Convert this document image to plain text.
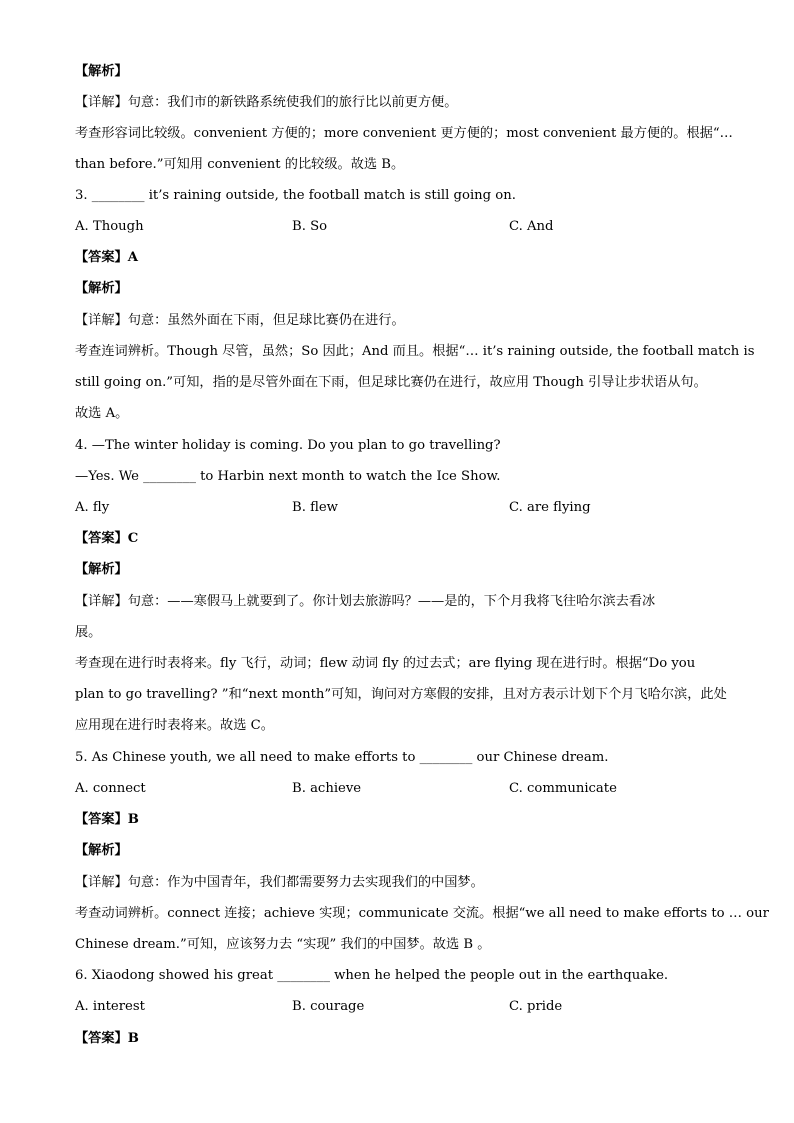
【解析】
【详解】句意：我们市的新铁路系统使我们的旅行比以前更方便。
考查形容词比较级。convenient 方便的；more convenient 更方便的；most convenient 最方便的。根据“…
than before.”可知用 convenient 的比较级。故选 B。
3. ________ it’s raining outside, the football match is still going on.
A. Though	B. So	C. And
【答案】A
【解析】
【详解】句意：虽然外面在下雨，但足球比赛仍在进行。
考查连词辨析。Though 尽管，虽然；So 因此；And 而且。根据“… it’s raining outside, the football match is
still going on.”可知，指的是尽管外面在下雨，但足球比赛仍在进行，故应用 Though 引导让步状语从句。
故选 A。
4. —The winter holiday is coming. Do you plan to go travelling?
—Yes. We ________ to Harbin next month to watch the Ice Show.
A. fly	B. flew	C. are flying
【答案】C
【解析】
【详解】句意：——寒假马上就要到了。你计划去旅游吗？——是的，下个月我将飞往哈尔滨去看冰
展。
考查现在进行时表将来。fly 飞行，动词；flew 动词 fly 的过去式；are flying 现在进行时。根据“Do you
plan to go travelling? ”和“next month”可知，询问对方寒假的安排，且对方表示计划下个月飞哈尔滨，此处
应用现在进行时表将来。故选 C。
5. As Chinese youth, we all need to make efforts to ________ our Chinese dream.
A. connect	B. achieve	C. communicate
【答案】B
【解析】
【详解】句意：作为中国青年，我们都需要努力去实现我们的中国梦。
考查动词辨析。connect 连接；achieve 实现；communicate 交流。根据“we all need to make efforts to … our
Chinese dream.”可知，应该努力去 “实现” 我们的中国梦。故选 B 。
6. Xiaodong showed his great ________ when he helped the people out in the earthquake.
A. interest	B. courage	C. pride
【答案】B
